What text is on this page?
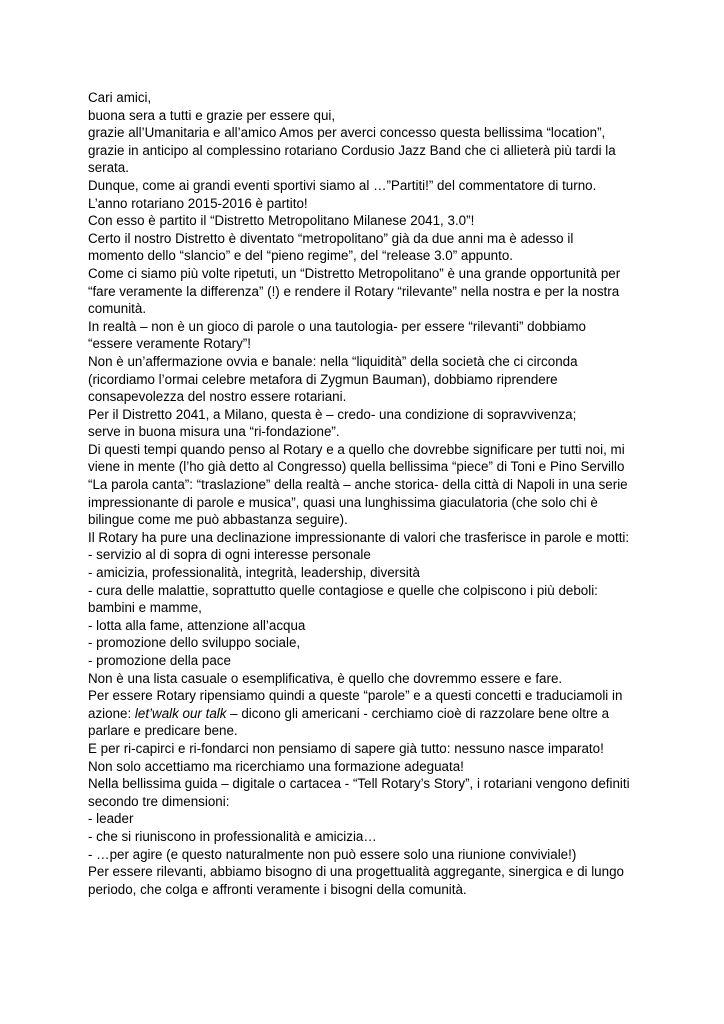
Cari amici,
buona sera a tutti e grazie per essere qui,
grazie all’Umanitaria e all’amico Amos per averci concesso questa bellissima “location”,
grazie in anticipo al complessino rotariano Cordusio Jazz Band che ci allieterà più tardi la
serata.
Dunque, come ai grandi eventi sportivi siamo al …”Partiti!” del commentatore di turno.
L’anno rotariano 2015-2016 è partito!
Con esso è partito il “Distretto Metropolitano Milanese 2041, 3.0”!
Certo il nostro Distretto è diventato “metropolitano” già da due anni ma è adesso il
momento dello “slancio” e del “pieno regime”, del “release 3.0” appunto.
Come ci siamo più volte ripetuti, un “Distretto Metropolitano” è una grande opportunità per
“fare veramente la differenza” (!) e rendere il Rotary “rilevante” nella nostra e per la nostra
comunità.
In realtà – non è un gioco di parole o una tautologia- per essere “rilevanti” dobbiamo
“essere veramente Rotary”!
Non è un’affermazione ovvia e banale: nella “liquidità” della società che ci circonda
(ricordiamo l’ormai celebre metafora di Zygmun Bauman), dobbiamo riprendere
consapevolezza del nostro essere rotariani.
Per il Distretto 2041, a Milano, questa è – credo- una condizione di sopravvivenza;
serve in buona misura una “ri-fondazione”.
Di questi tempi quando penso al Rotary e a quello che dovrebbe significare per tutti noi, mi
viene in mente (l’ho già detto al Congresso) quella bellissima “piece” di Toni e Pino Servillo
“La parola canta”: “traslazione” della realtà – anche storica- della città di Napoli in una serie
impressionante di parole e musica”, quasi una lunghissima giaculatoria (che solo chi è
bilingue come me può abbastanza seguire).
Il Rotary ha pure una declinazione impressionante di valori che trasferisce in parole e motti:
- servizio al di sopra di ogni interesse personale
- amicizia, professionalità, integrità, leadership, diversità
- cura delle malattie, soprattutto quelle contagiose e quelle che colpiscono i più deboli:
bambini e mamme,
- lotta alla fame, attenzione all’acqua
- promozione dello sviluppo sociale,
- promozione della pace
Non è una lista casuale o esemplificativa, è quello che dovremmo essere e fare.
Per essere Rotary ripensiamo quindi a queste “parole” e a questi concetti e traduciamoli in
azione: let’walk our talk – dicono gli americani - cerchiamo cioè di razzolare bene oltre a
parlare e predicare bene.
E per ri-capirci e ri-fondarci non pensiamo di sapere già tutto: nessuno nasce imparato!
Non solo accettiamo ma ricerchiamo una formazione adeguata!
Nella bellissima guida – digitale o cartacea - “Tell Rotary’s Story”, i rotariani vengono definiti
secondo tre dimensioni:
- leader
- che si riuniscono in professionalità e amicizia…
- …per agire (e questo naturalmente non può essere solo una riunione conviviale!)
Per essere rilevanti, abbiamo bisogno di una progettualità aggregante, sinergica e di lungo
periodo, che colga e affronti veramente i bisogni della comunità.
